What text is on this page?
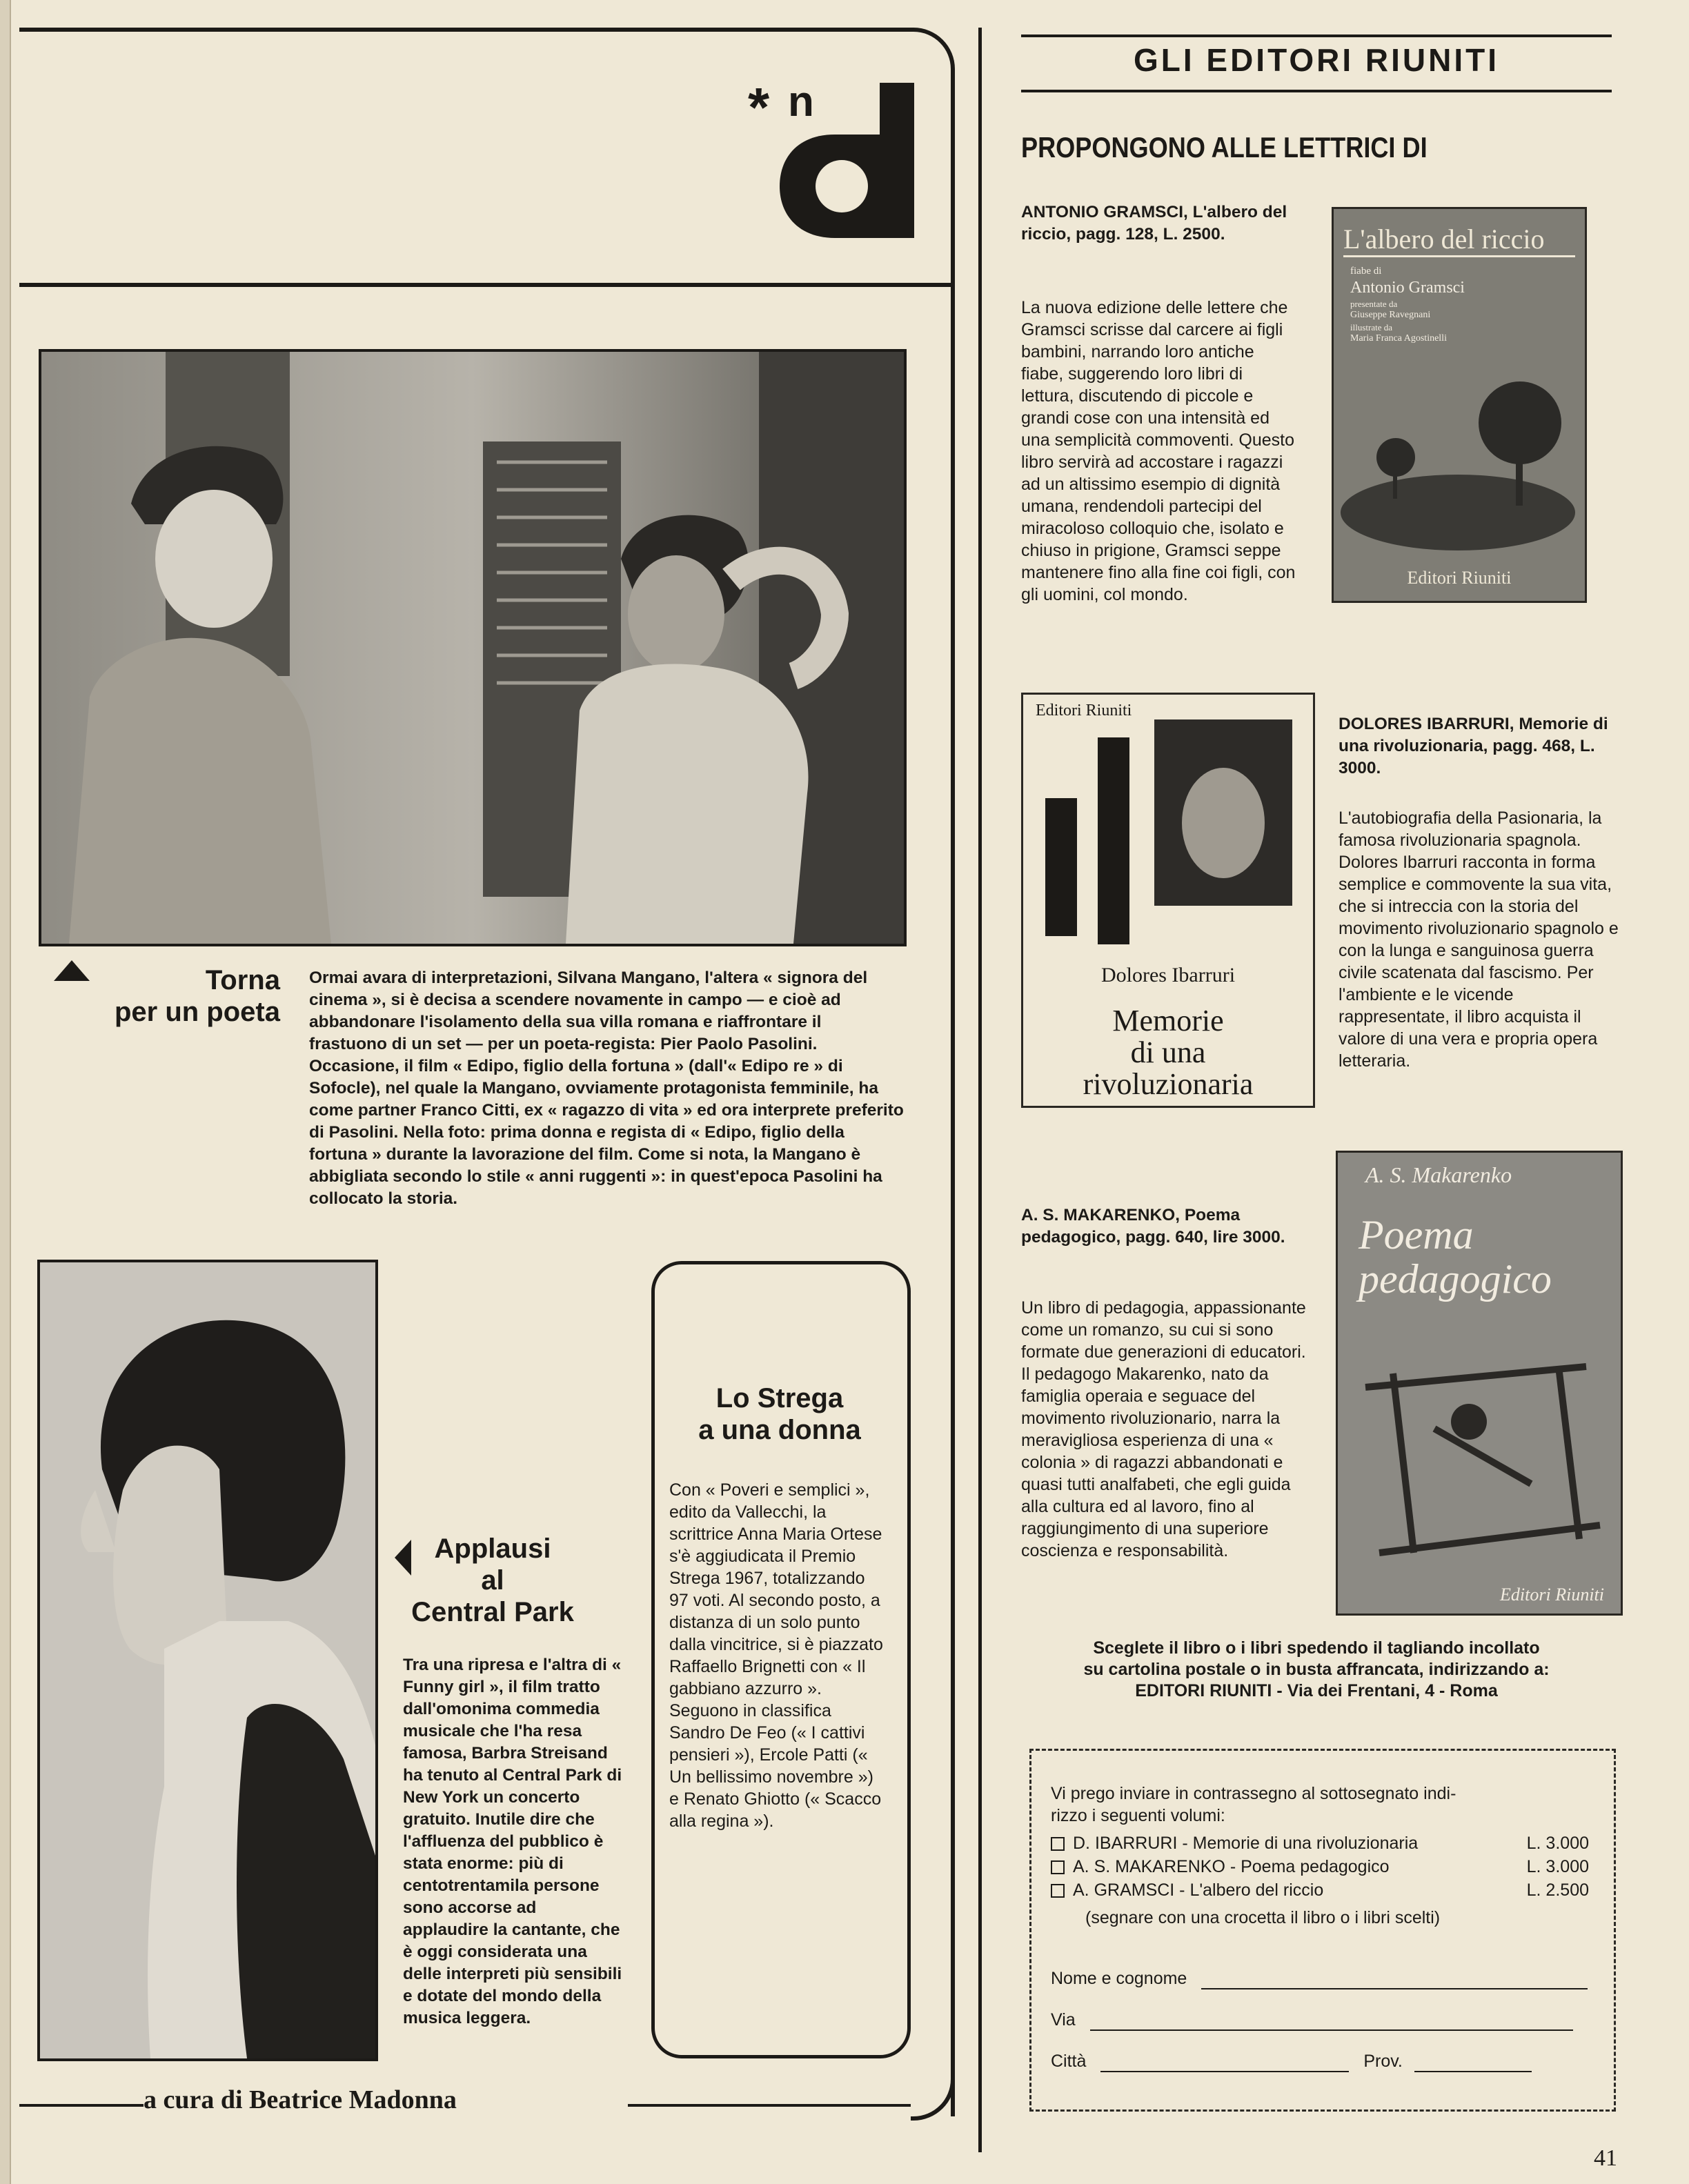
* n
Torna
per un poeta
Ormai avara di interpretazioni, Silvana Mangano, l'altera « signora del cinema », si è decisa a scendere novamente in campo — e cioè ad abbandonare l'isolamento della sua villa romana e riaffrontare il frastuono di un set — per un poeta-regista: Pier Paolo Pasolini. Occasione, il film « Edipo, figlio della fortuna » (dall'« Edipo re » di Sofocle), nel quale la Mangano, ovviamente protagonista femminile, ha come partner Franco Citti, ex « ragazzo di vita » ed ora interprete preferito di Pasolini. Nella foto: prima donna e regista di « Edipo, figlio della fortuna » durante la lavorazione del film. Come si nota, la Mangano è abbigliata secondo lo stile « anni ruggenti »: in quest'epoca Pasolini ha collocato la storia.
Applausi
al
Central Park
Tra una ripresa e l'altra di « Funny girl », il film tratto dall'omonima commedia musicale che l'ha resa famosa, Barbra Streisand ha tenuto al Central Park di New York un concerto gratuito. Inutile dire che l'affluenza del pubblico è stata enorme: più di centotrentamila persone sono accorse ad applaudire la cantante, che è oggi considerata una delle interpreti più sensibili e dotate del mondo della musica leggera.
Lo Strega
a una donna
Con « Poveri e semplici », edito da Vallecchi, la scrittrice Anna Maria Ortese s'è aggiudicata il Premio Strega 1967, totalizzando 97 voti. Al secondo posto, a distanza di un solo punto dalla vincitrice, si è piazzato Raffaello Brignetti con « Il gabbiano azzurro ». Seguono in classifica Sandro De Feo (« I cattivi pensieri »), Ercole Patti (« Un bellissimo novembre ») e Renato Ghiotto (« Scacco alla regina »).
a cura di Beatrice Madonna
GLI EDITORI RIUNITI
PROPONGONO ALLE LETTRICI DI
ANTONIO GRAMSCI, L'albero del riccio, pagg. 128, L. 2500.
La nuova edizione delle lettere che Gramsci scrisse dal carcere ai figli bambini, narrando loro antiche fiabe, suggerendo loro libri di lettura, discutendo di piccole e grandi cose con una intensità ed una semplicità commoventi. Questo libro servirà ad accostare i ragazzi ad un altissimo esempio di dignità umana, rendendoli partecipi del miracoloso colloquio che, isolato e chiuso in prigione, Gramsci seppe mantenere fino alla fine coi figli, con gli uomini, col mondo.
L'albero del riccio
fiabe di
Antonio Gramsci
presentate da
Giuseppe Ravegnani
illustrate da
Maria Franca Agostinelli
Editori Riuniti
Editori Riuniti
Dolores Ibarruri
Memorie
di una
rivoluzionaria
DOLORES IBARRURI, Memorie di una rivoluzionaria, pagg. 468, L. 3000.
L'autobiografia della Pasionaria, la famosa rivoluzionaria spagnola. Dolores Ibarruri racconta in forma semplice e commovente la sua vita, che si intreccia con la storia del movimento rivoluzionario spagnolo e con la lunga e sanguinosa guerra civile scatenata dal fascismo. Per l'ambiente e le vicende rappresentate, il libro acquista il valore di una vera e propria opera letteraria.
A. S. MAKARENKO, Poema pedagogico, pagg. 640, lire 3000.
Un libro di pedagogia, appassionante come un romanzo, su cui si sono formate due generazioni di educatori. Il pedagogo Makarenko, nato da famiglia operaia e seguace del movimento rivoluzionario, narra la meravigliosa esperienza di una « colonia » di ragazzi abbandonati e quasi tutti analfabeti, che egli guida alla cultura ed al lavoro, fino al raggiungimento di una superiore coscienza e responsabilità.
A. S. Makarenko
Poema
pedagogico
Editori Riuniti
Sceglete il libro o i libri spedendo il tagliando incollato
su cartolina postale o in busta affrancata, indirizzando a:
EDITORI RIUNITI - Via dei Frentani, 4 - Roma
Vi prego inviare in contrassegno al sottosegnato indi-
rizzo i seguenti volumi:
D. IBARRURI - Memorie di una rivoluzionaria	L. 3.000
A. S. MAKARENKO - Poema pedagogico	L. 3.000
A. GRAMSCI - L'albero del riccio	L. 2.500
(segnare con una crocetta il libro o i libri scelti)
Nome e cognome
Via
Città	Prov.
41
